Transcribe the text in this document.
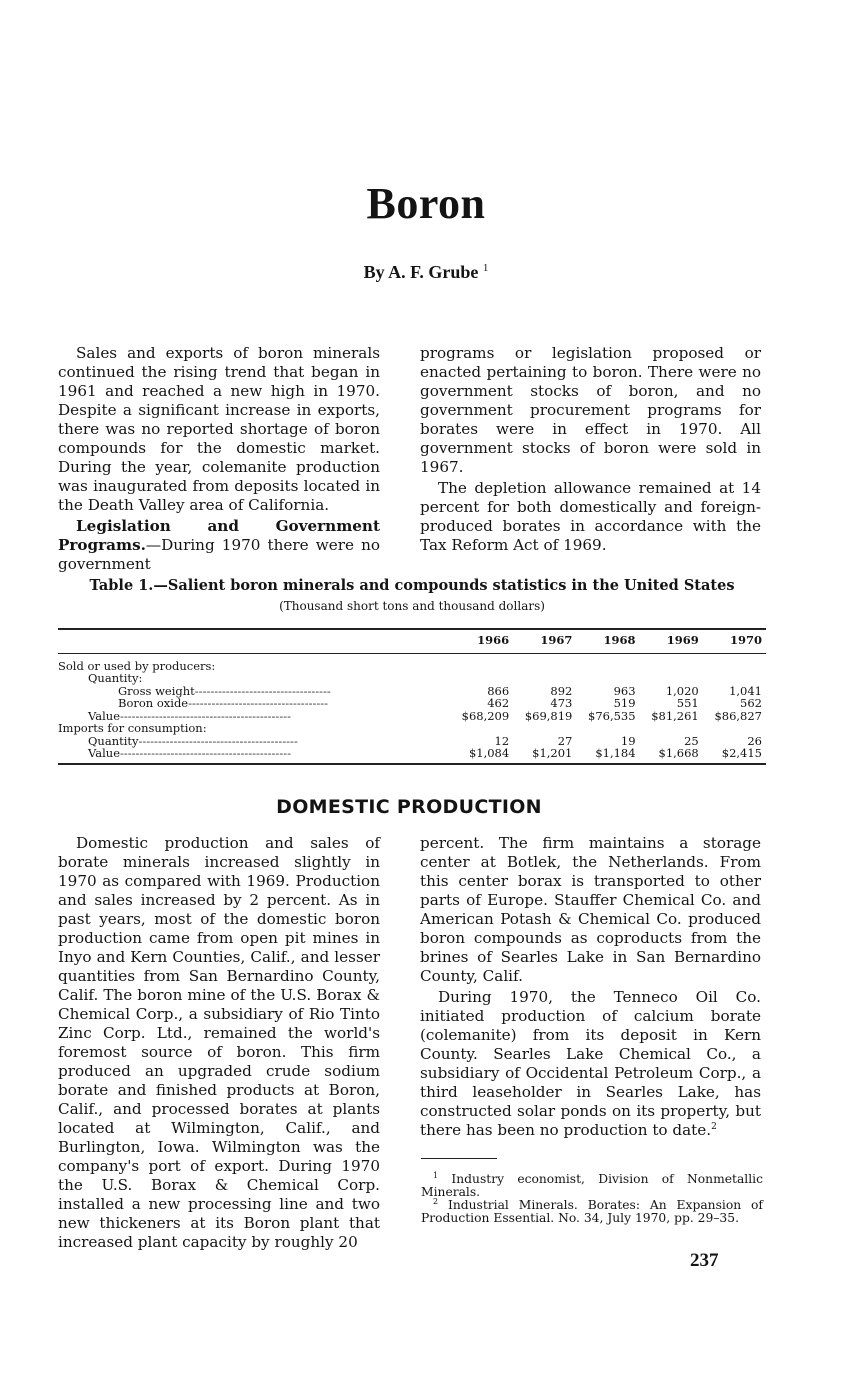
Boron
By A. F. Grube $^1$

Sales and exports of boron minerals continued the rising trend that began in 1961 and reached a new high in 1970. Despite a significant increase in exports, there was no reported shortage of boron compounds for the domestic market. During the year, colemanite production was inaugurated from deposits located in the Death Valley area of California.

Legislation and Government Programs.—During 1970 there were no government

programs or legislation proposed or enacted pertaining to boron. There were no government stocks of boron, and no government procurement programs for borates were in effect in 1970. All government stocks of boron were sold in 1967.

The depletion allowance remained at 14 percent for both domestically and foreign-produced borates in accordance with the Tax Reform Act of 1969.

Table 1.—Salient boron minerals and compounds statistics in the United States
(Thousand short tons and thousand dollars)
	1966	1967	1968	1969	1970
Sold or used by producers:					
Quantity:					
Gross weight-----------------------------------	866	892	963	1,020	1,041
Boron oxide------------------------------------	462	473	519	551	562
Value--------------------------------------------	$68,209	$69,819	$76,535	$81,261	$86,827
Imports for consumption:					
Quantity-----------------------------------------	12	27	19	25	26
Value--------------------------------------------	$1,084	$1,201	$1,184	$1,668	$2,415
DOMESTIC PRODUCTION

Domestic production and sales of borate minerals increased slightly in 1970 as compared with 1969. Production and sales increased by 2 percent. As in past years, most of the domestic boron production came from open pit mines in Inyo and Kern Counties, Calif., and lesser quantities from San Bernardino County, Calif. The boron mine of the U.S. Borax & Chemical Corp., a subsidiary of Rio Tinto Zinc Corp. Ltd., remained the world's foremost source of boron. This firm produced an upgraded crude sodium borate and finished products at Boron, Calif., and processed borates at plants located at Wilmington, Calif., and Burlington, Iowa. Wilmington was the company's port of export. During 1970 the U.S. Borax & Chemical Corp. installed a new processing line and two new thickeners at its Boron plant that increased plant capacity by roughly 20

percent. The firm maintains a storage center at Botlek, the Netherlands. From this center borax is transported to other parts of Europe. Stauffer Chemical Co. and American Potash & Chemical Co. produced boron compounds as coproducts from the brines of Searles Lake in San Bernardino County, Calif.

During 1970, the Tenneco Oil Co. initiated production of calcium borate (colemanite) from its deposit in Kern County. Searles Lake Chemical Co., a subsidiary of Occidental Petroleum Corp., a third leaseholder in Searles Lake, has constructed solar ponds on its property, but there has been no production to date.$^2$

$^1$ Industry economist, Division of Nonmetallic Minerals.

$^2$ Industrial Minerals. Borates: An Expansion of Production Essential. No. 34, July 1970, pp. 29–35.

237
